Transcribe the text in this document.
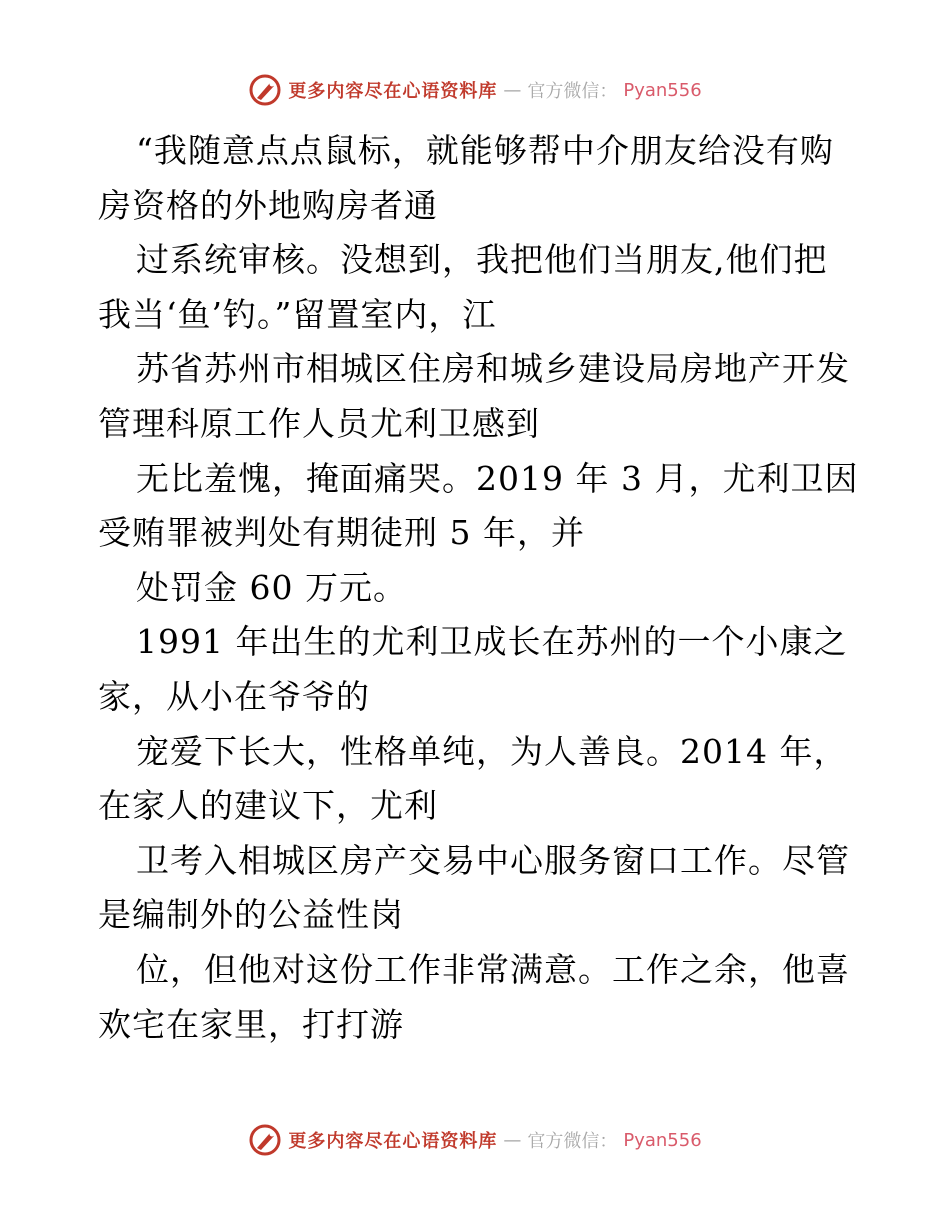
更多内容尽在心语资料库 — 官方微信： Pyan556
“我随意点点鼠标，就能够帮中介朋友给没有购
房资格的外地购房者通
过系统审核。没想到，我把他们当朋友,他们把
我当‘鱼’钓。”留置室内，江
苏省苏州市相城区住房和城乡建设局房地产开发
管理科原工作人员尤利卫感到
无比羞愧，掩面痛哭。2019 年 3 月，尤利卫因
受贿罪被判处有期徒刑 5 年，并
处罚金 60 万元。
1991 年出生的尤利卫成长在苏州的一个小康之
家，从小在爷爷的
宠爱下长大，性格单纯，为人善良。2014 年，
在家人的建议下，尤利
卫考入相城区房产交易中心服务窗口工作。尽管
是编制外的公益性岗
位，但他对这份工作非常满意。工作之余，他喜
欢宅在家里，打打游
更多内容尽在心语资料库 — 官方微信： Pyan556
